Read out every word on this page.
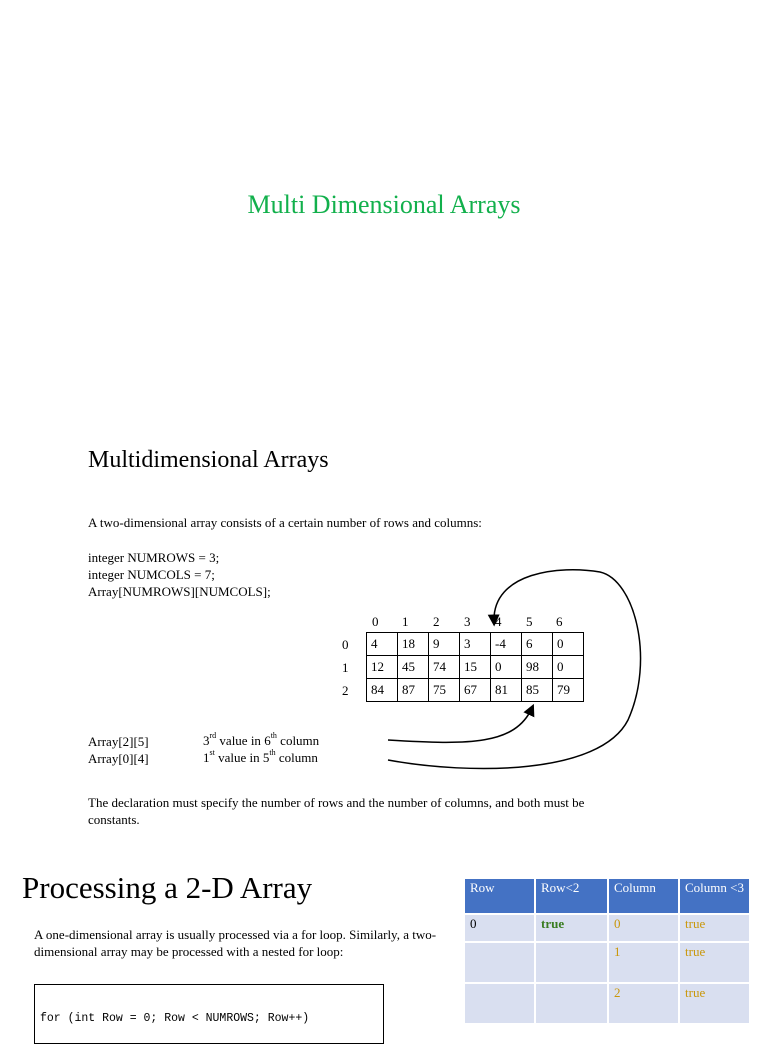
Multi Dimensional Arrays
Multidimensional Arrays
A two-dimensional array consists of a certain number of rows and columns:
integer NUMROWS = 3;
integer NUMCOLS = 7;
Array[NUMROWS][NUMCOLS];
0 1 2 3 4 5 6
0
1
2
4	18	9	3	-4	6	0
12	45	74	15	0	98	0
84	87	75	67	81	85	79
Array[2][5]	3rd value in 6th column
Array[0][4]	1st value in 5th column
The declaration must specify the number of rows and the number of columns, and both must be constants.
Processing a 2-D Array
A one-dimensional array is usually processed via a for loop. Similarly, a two-dimensional array may be processed with a nested for loop:
for (int Row = 0; Row < NUMROWS; Row++)
Row	Row<2	Column	Column <3
0	true	0	true
		1	true
		2	true
